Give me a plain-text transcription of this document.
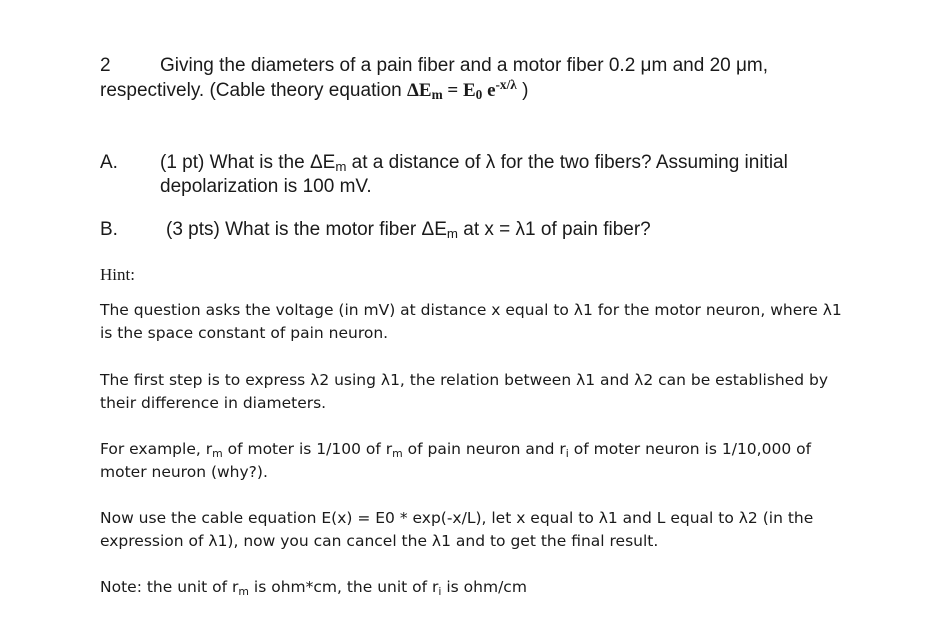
2	Giving the diameters of a pain fiber and a motor fiber 0.2 μm and 20 μm,
respectively. (Cable theory equation $\Delta E_m = E_0$ $e^{-x/\lambda}$ )
A. (1 pt) What is the $\Delta E_m$ at a distance of λ for the two fibers? Assuming initial
depolarization is 100 mV.
B.	(3 pts) What is the motor fiber $\Delta E_m$ at x = λ1 of pain fiber?
Hint:
The question asks the voltage (in mV) at distance x equal to λ1 for the motor neuron, where λ1
is the space constant of pain neuron.
The first step is to express λ2 using λ1, the relation between λ1 and λ2 can be established by
their difference in diameters.
For example, $r_m$ of moter is 1/100 of $r_m$ of pain neuron and $r_i$ of moter neuron is 1/10,000 of
moter neuron (why?).
Now use the cable equation E(x) = E0 * exp(-x/L), let x equal to λ1 and L equal to λ2 (in the
expression of λ1), now you can cancel the λ1 and to get the final result.
Note: the unit of $r_m$ is ohm*cm, the unit of $r_i$ is ohm/cm
